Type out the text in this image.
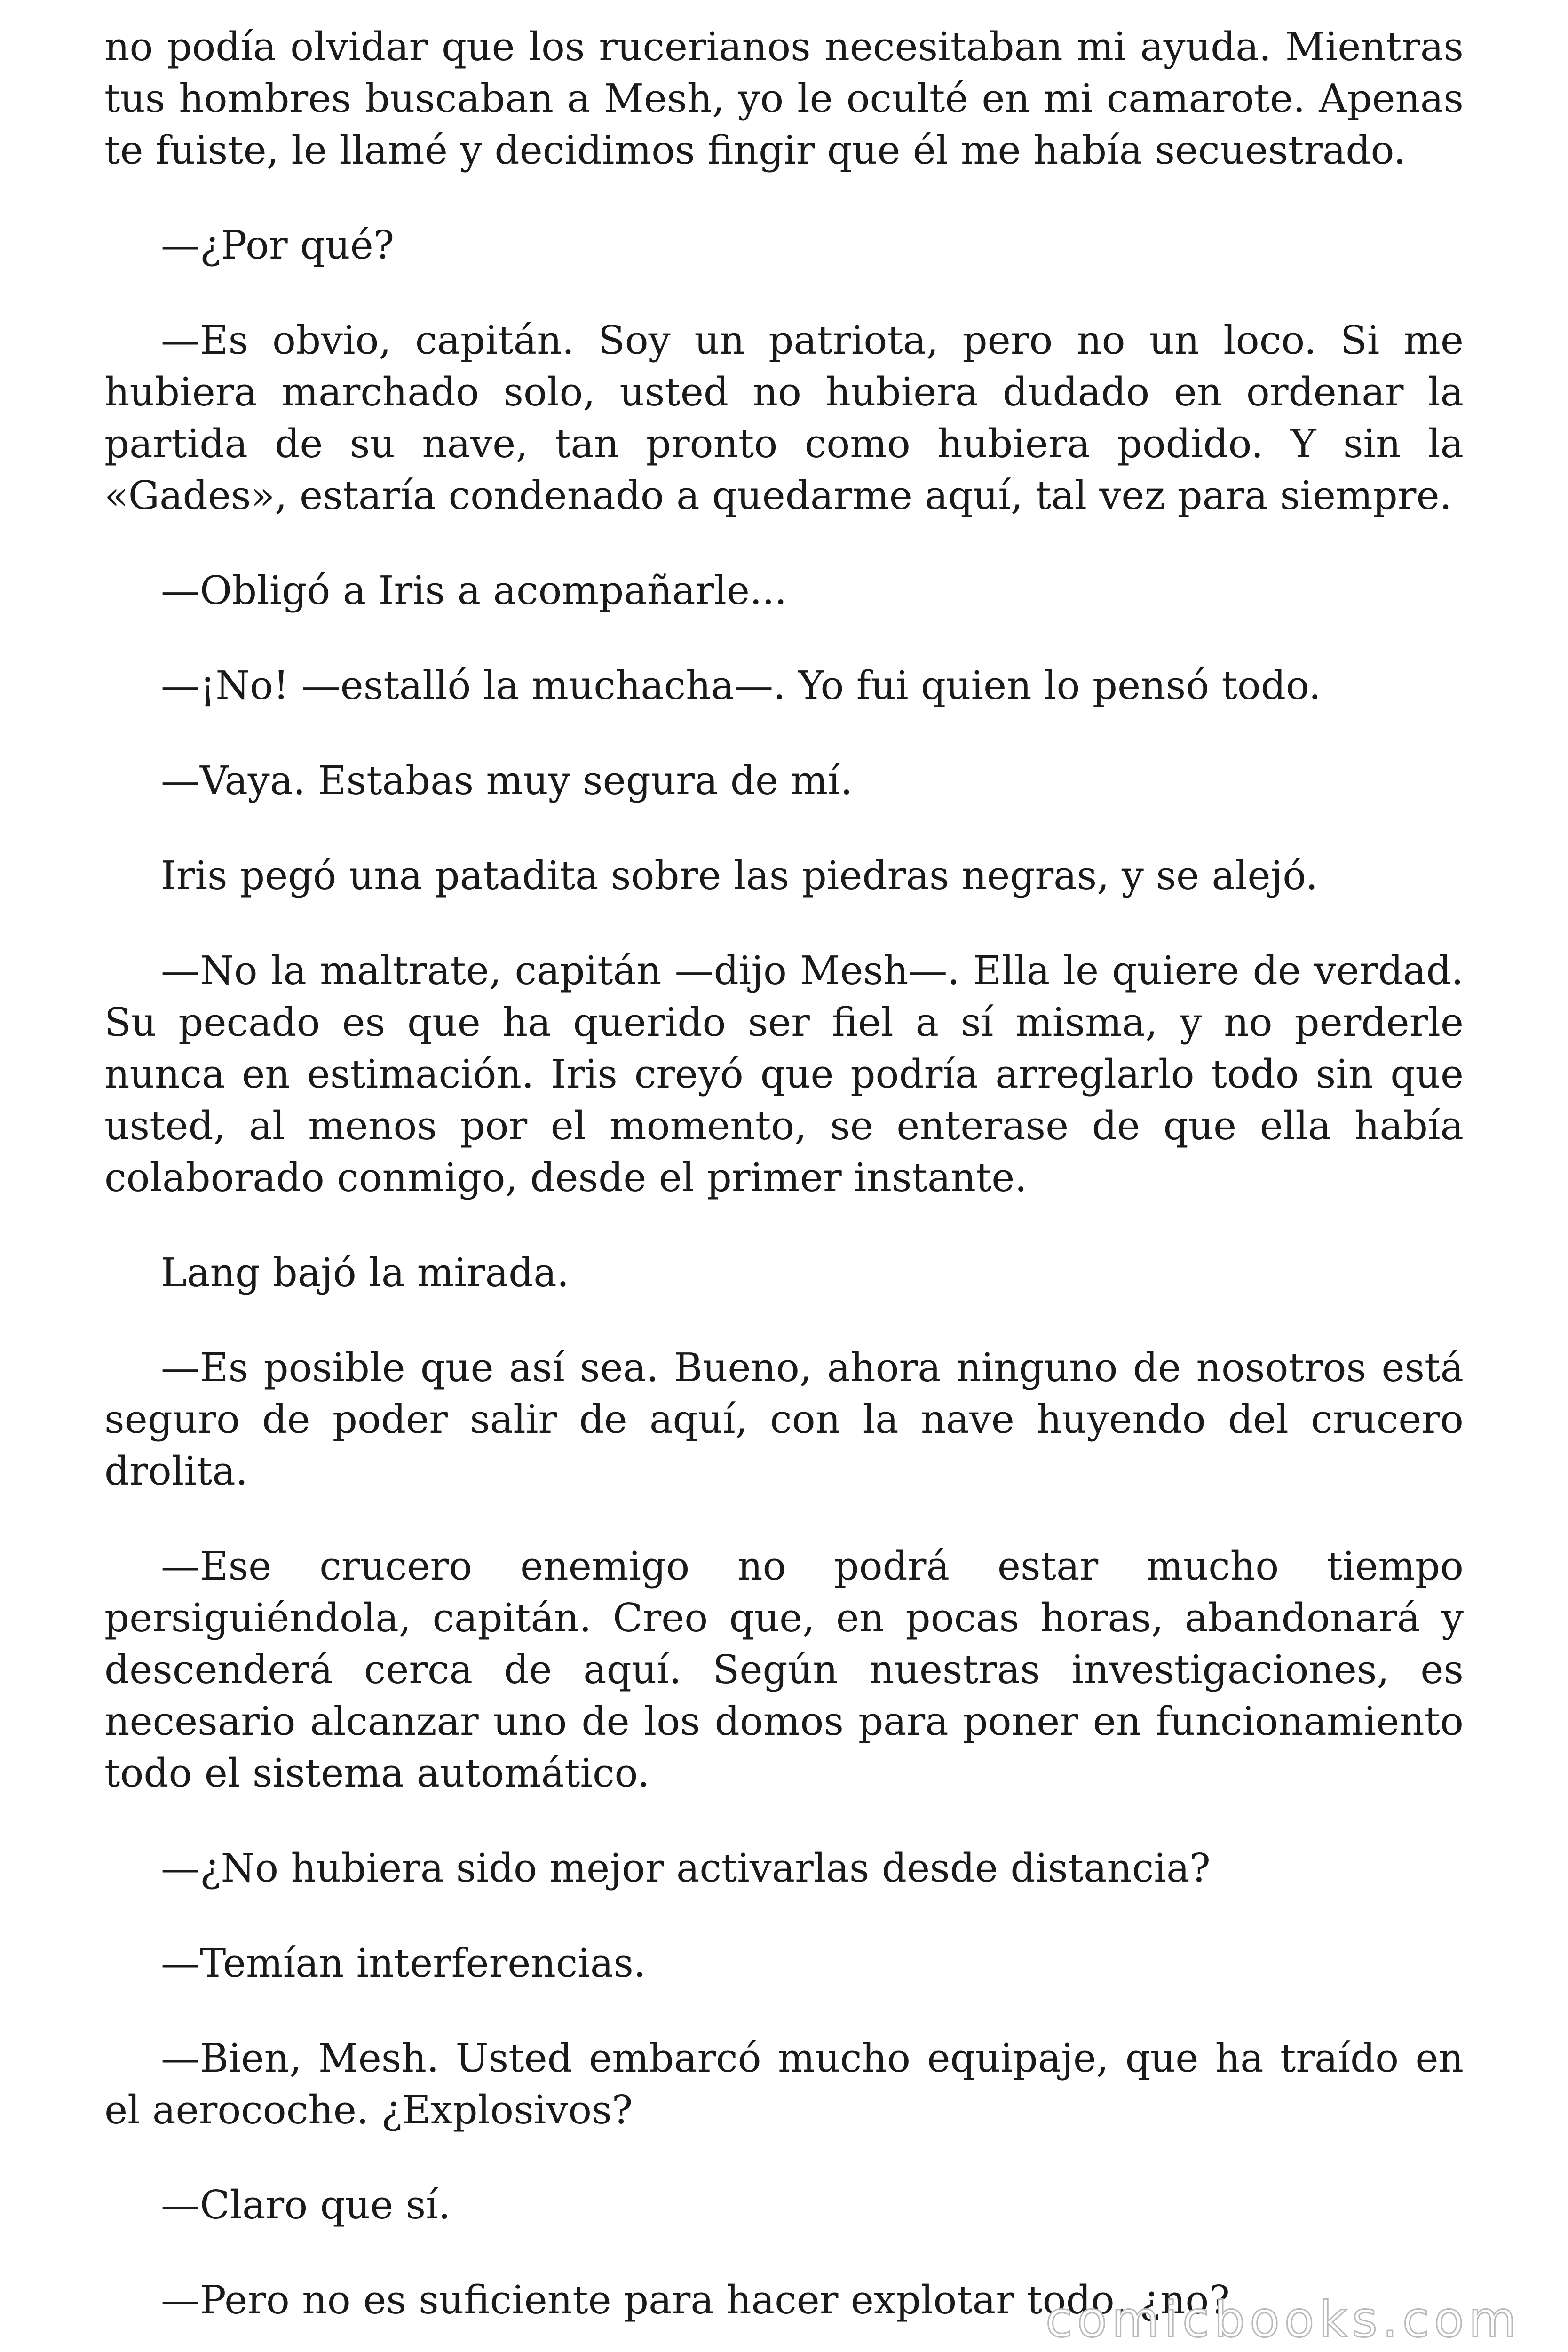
no podía olvidar que los rucerianos necesitaban mi ayuda. Mientras tus hombres buscaban a Mesh, yo le oculté en mi camarote. Apenas te fuiste, le llamé y decidimos fingir que él me había secuestrado.

—¿Por qué?

—Es obvio, capitán. Soy un patriota, pero no un loco. Si me hubiera marchado solo, usted no hubiera dudado en ordenar la partida de su nave, tan pronto como hubiera podido. Y sin la «Gades», estaría condenado a quedarme aquí, tal vez para siempre.

—Obligó a Iris a acompañarle...

—¡No! —estalló la muchacha—. Yo fui quien lo pensó todo.

—Vaya. Estabas muy segura de mí.

Iris pegó una patadita sobre las piedras negras, y se alejó.

—No la maltrate, capitán —dijo Mesh—. Ella le quiere de verdad. Su pecado es que ha querido ser fiel a sí misma, y no perderle nunca en estimación. Iris creyó que podría arreglarlo todo sin que usted, al menos por el momento, se enterase de que ella había colaborado conmigo, desde el primer instante.

Lang bajó la mirada.

—Es posible que así sea. Bueno, ahora ninguno de nosotros está seguro de poder salir de aquí, con la nave huyendo del crucero drolita.

—Ese crucero enemigo no podrá estar mucho tiempo persiguiéndola, capitán. Creo que, en pocas horas, abandonará y descenderá cerca de aquí. Según nuestras investigaciones, es necesario alcanzar uno de los domos para poner en funcionamiento todo el sistema automático.

—¿No hubiera sido mejor activarlas desde distancia?

—Temían interferencias.

—Bien, Mesh. Usted embarcó mucho equipaje, que ha traído en el aerocoche. ¿Explosivos?

—Claro que sí.

—Pero no es suficiente para hacer explotar todo, ¿no?

comicbooks.com
